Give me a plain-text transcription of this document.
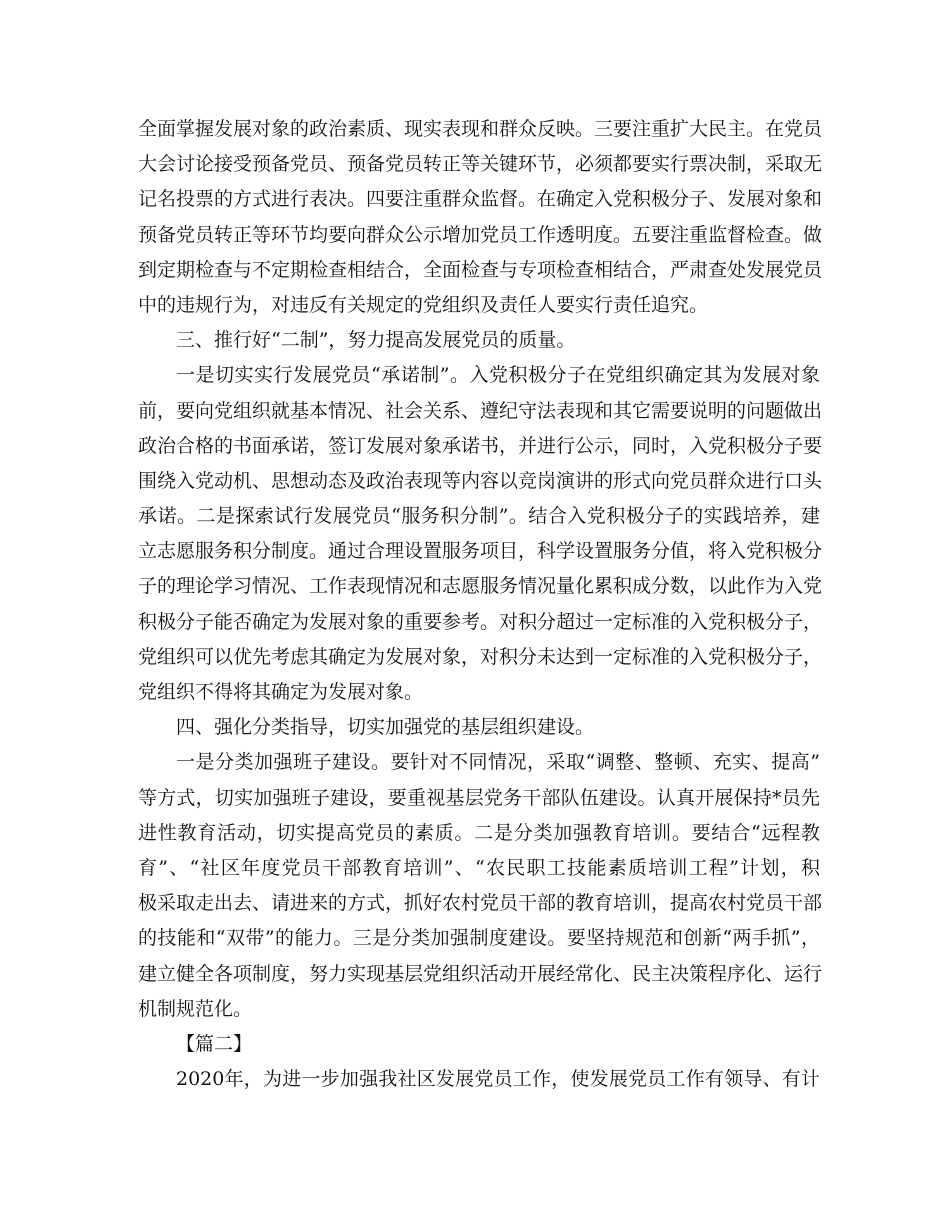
全面掌握发展对象的政治素质、现实表现和群众反映。三要注重扩大民主。在党员
大会讨论接受预备党员、预备党员转正等关键环节，必须都要实行票决制，采取无
记名投票的方式进行表决。四要注重群众监督。在确定入党积极分子、发展对象和
预备党员转正等环节均要向群众公示增加党员工作透明度。五要注重监督检查。做
到定期检查与不定期检查相结合，全面检查与专项检查相结合，严肃查处发展党员
中的违规行为，对违反有关规定的党组织及责任人要实行责任追究。
三、推行好“二制”，努力提高发展党员的质量。
一是切实实行发展党员“承诺制”。入党积极分子在党组织确定其为发展对象
前，要向党组织就基本情况、社会关系、遵纪守法表现和其它需要说明的问题做出
政治合格的书面承诺，签订发展对象承诺书，并进行公示，同时，入党积极分子要
围绕入党动机、思想动态及政治表现等内容以竞岗演讲的形式向党员群众进行口头
承诺。二是探索试行发展党员“服务积分制”。结合入党积极分子的实践培养，建
立志愿服务积分制度。通过合理设置服务项目，科学设置服务分值，将入党积极分
子的理论学习情况、工作表现情况和志愿服务情况量化累积成分数，以此作为入党
积极分子能否确定为发展对象的重要参考。对积分超过一定标准的入党积极分子，
党组织可以优先考虑其确定为发展对象，对积分未达到一定标准的入党积极分子，
党组织不得将其确定为发展对象。
四、强化分类指导，切实加强党的基层组织建设。
一是分类加强班子建设。要针对不同情况，采取“调整、整顿、充实、提高”
等方式，切实加强班子建设，要重视基层党务干部队伍建设。认真开展保持*员先
进性教育活动，切实提高党员的素质。二是分类加强教育培训。要结合“远程教
育”、“社区年度党员干部教育培训”、“农民职工技能素质培训工程”计划，积
极采取走出去、请进来的方式，抓好农村党员干部的教育培训，提高农村党员干部
的技能和“双带”的能力。三是分类加强制度建设。要坚持规范和创新“两手抓”，
建立健全各项制度，努力实现基层党组织活动开展经常化、民主决策程序化、运行
机制规范化。
【篇二】
2020年，为进一步加强我社区发展党员工作，使发展党员工作有领导、有计
